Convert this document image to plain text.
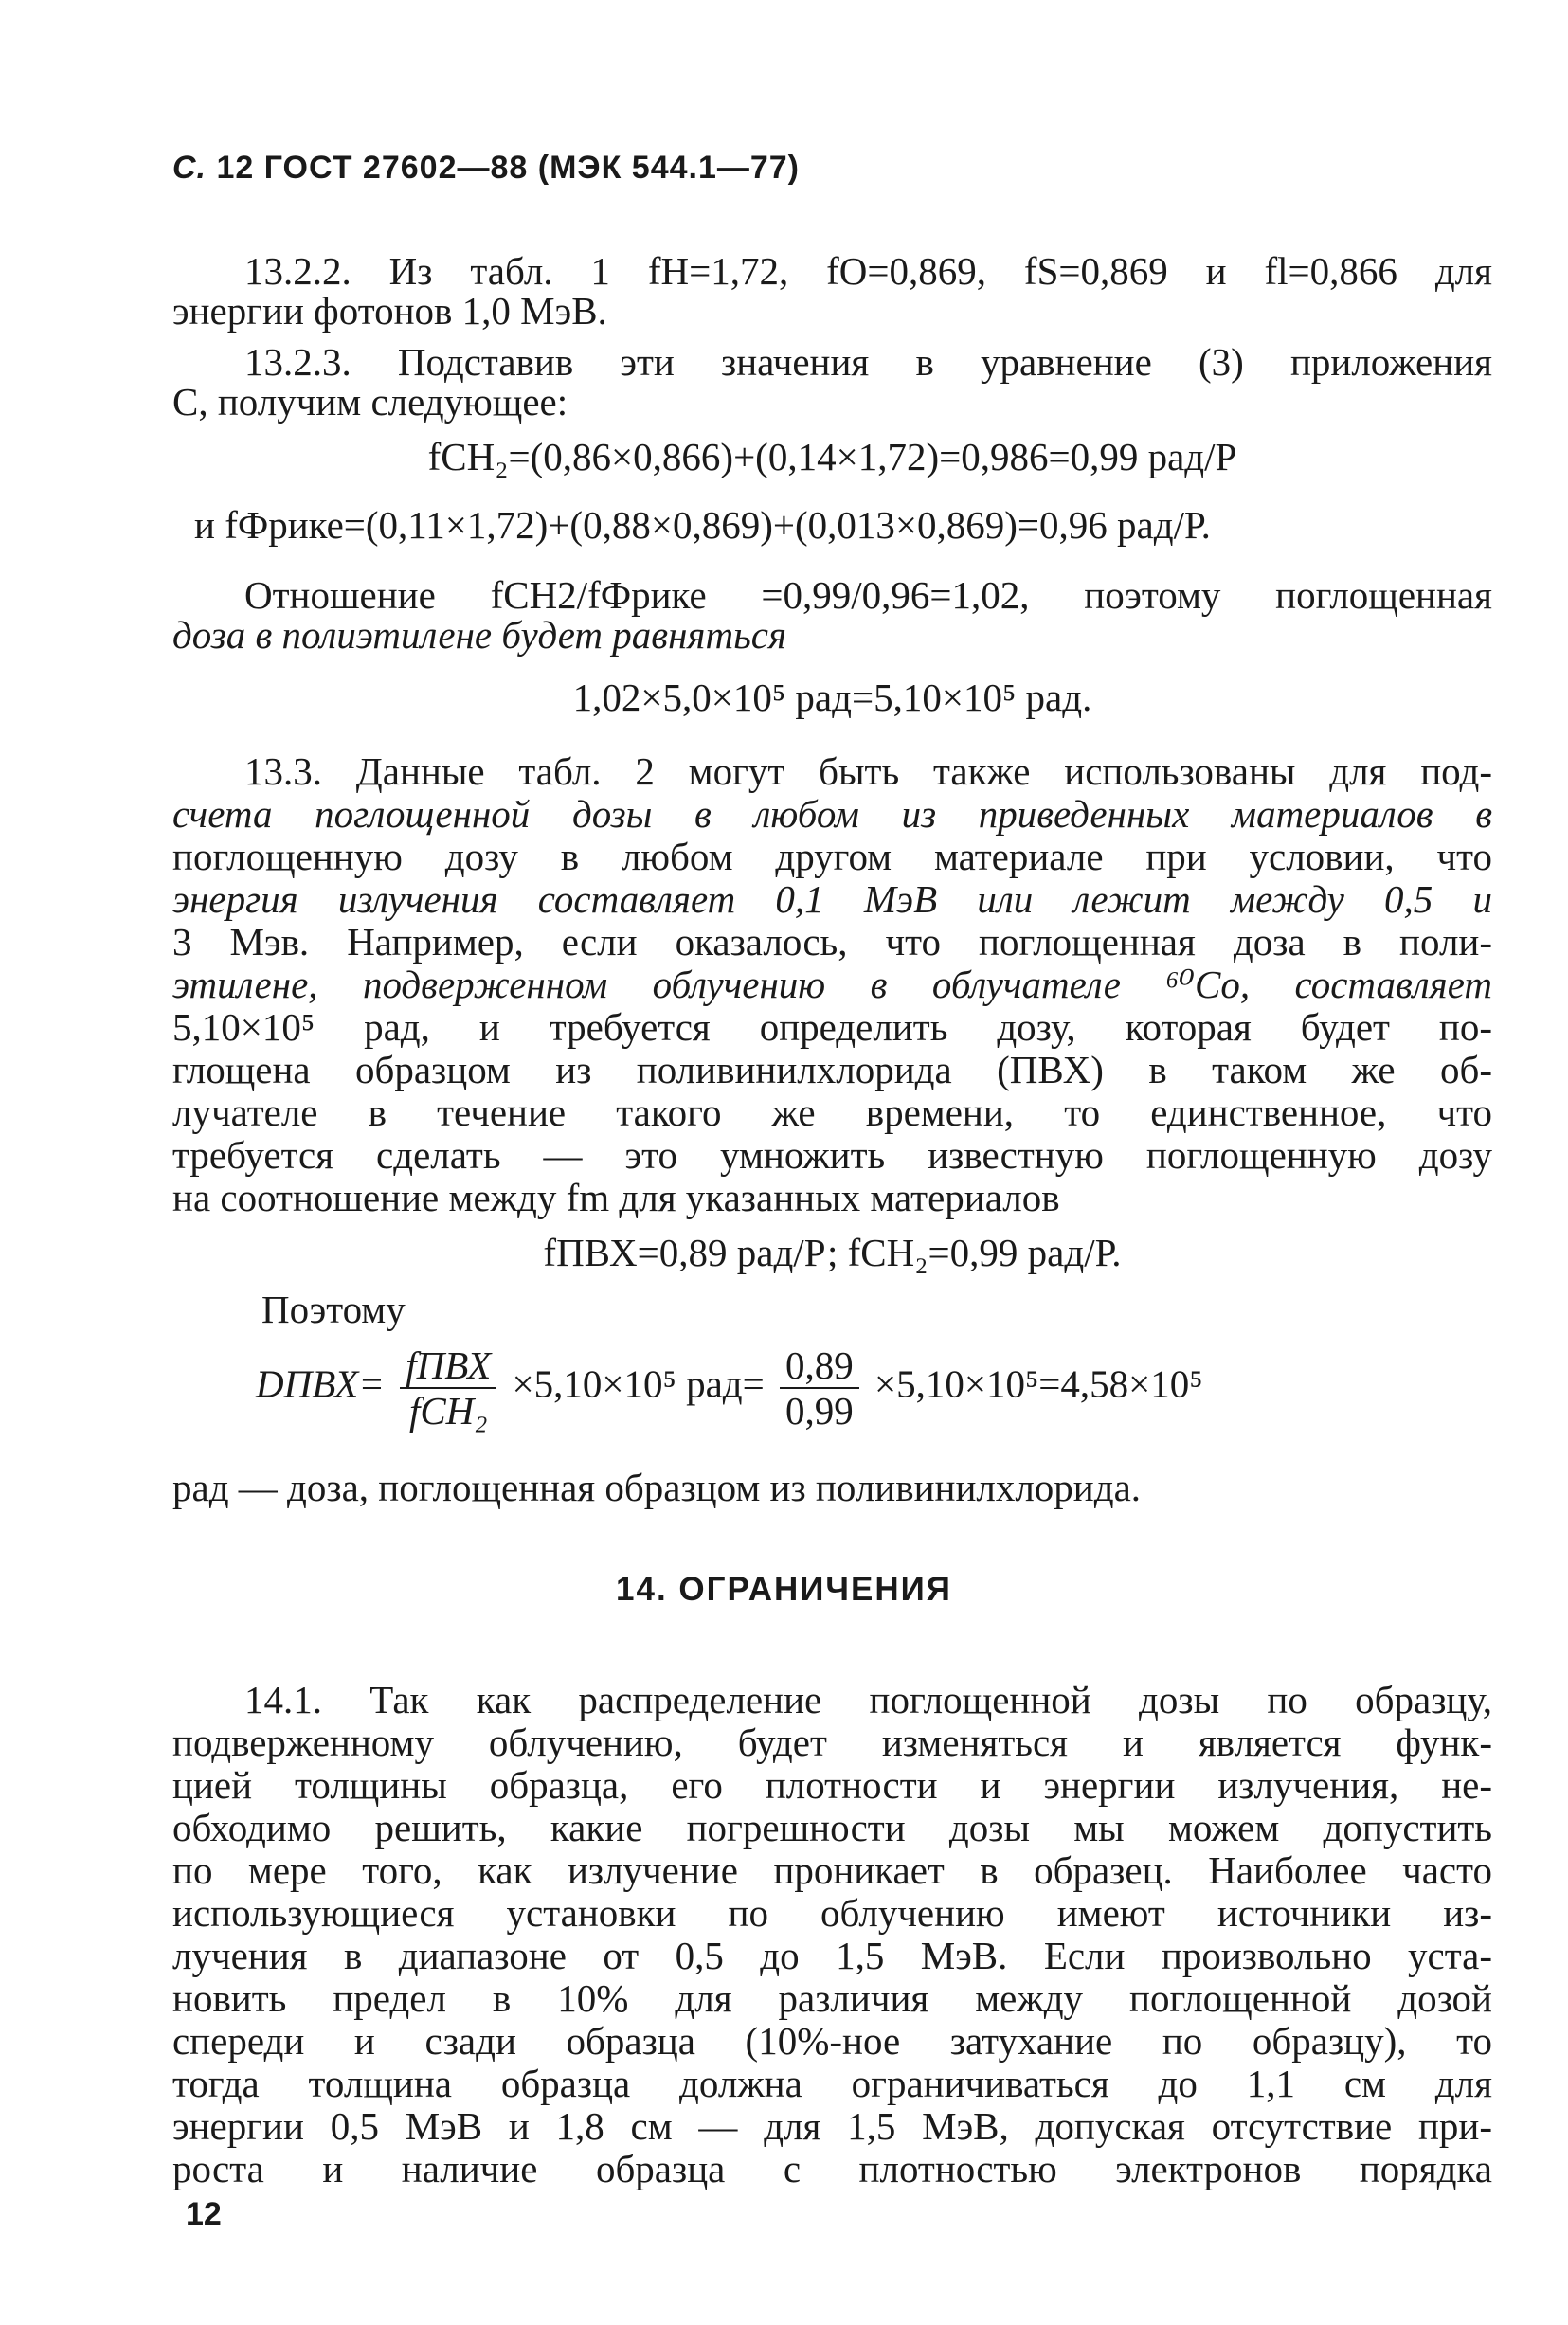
С. 12 ГОСТ 27602—88 (МЭК 544.1—77)
13.2.2. Из табл. 1 fН=1,72, fО=0,869, fS=0,869 и fl=0,866 для
энергии фотонов 1,0 МэВ.
13.2.3. Подставив эти значения в уравнение (3) приложения
С, получим следующее:
fСН₂=(0,86×0,866)+(0,14×1,72)=0,986=0,99 рад/Р
и fФрике=(0,11×1,72)+(0,88×0,869)+(0,013×0,869)=0,96 рад/Р.
Отношение fСН2/fФрике =0,99/0,96=1,02, поэтому поглощенная
доза в полиэтилене будет равняться
1,02×5,0×10⁵ рад=5,10×10⁵ рад.
13.3. Данные табл. 2 могут быть также использованы для под-
счета поглощенной дозы в любом из приведенных материалов в
поглощенную дозу в любом другом материале при условии, что
энергия излучения составляет 0,1 МэВ или лежит между 0,5 и
3 Мэв. Например, если оказалось, что поглощенная доза в поли-
этилене, подверженном облучению в облучателе ⁶⁰Co, составляет
5,10×10⁵ рад, и требуется определить дозу, которая будет по-
глощена образцом из поливинилхлорида (ПВХ) в таком же об-
лучателе в течение такого же времени, то единственное, что
требуется сделать — это умножить известную поглощенную дозу
на соотношение между fm для указанных материалов
fПВХ=0,89 рад/Р; fСН₂=0,99 рад/Р.
Поэтому
DПВХ= $\frac{\text{fПВХ}}{\text{fСН₂}} \times 5,10\times 10^5$ $рад= \frac{0,89}{0,99} \times 5,10\times 10^5=4,58\times 10^5$
рад — доза, поглощенная образцом из поливинилхлорида.
14. ОГРАНИЧЕНИЯ
14.1. Так как распределение поглощенной дозы по образцу,
подверженному облучению, будет изменяться и является функ-
цией толщины образца, его плотности и энергии излучения, не-
обходимо решить, какие погрешности дозы мы можем допустить
по мере того, как излучение проникает в образец. Наиболее часто
использующиеся установки по облучению имеют источники из-
лучения в диапазоне от 0,5 до 1,5 МэВ. Если произвольно уста-
новить предел в 10% для различия между поглощенной дозой
спереди и сзади образца (10%-ное затухание по образцу), то
тогда толщина образца должна ограничиваться до 1,1 см для
энергии 0,5 МэВ и 1,8 см — для 1,5 МэВ, допуская отсутствие при-
роста и наличие образца с плотностью электронов порядка
12
